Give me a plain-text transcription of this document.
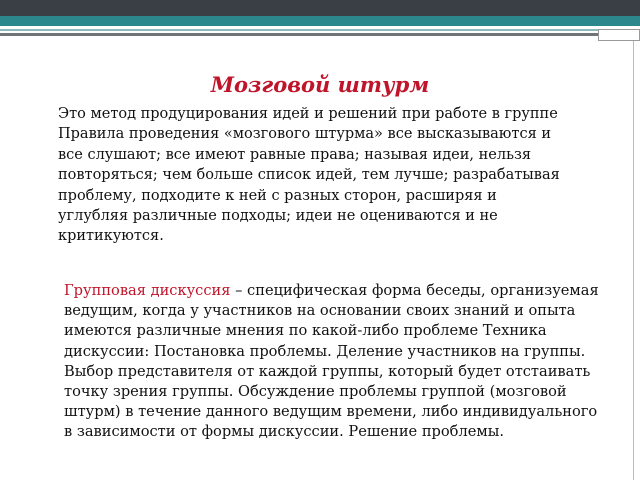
Мозговой штурм

Это метод продуцирования идей и решений при работе в группе Правила проведения «мозгового штурма» все высказываются и все слушают; все имеют равные права; называя идеи, нельзя повторяться; чем больше список идей, тем лучше; разрабатывая проблему, подходите к ней с разных сторон, расширяя и углубляя различные подходы; идеи не оцениваются и не критикуются.

Групповая дискуссия – специфическая форма беседы, организуемая ведущим, когда у участников на основании своих знаний и опыта имеются различные мнения по какой-либо проблеме Техника дискуссии: Постановка проблемы. Деление участников на группы. Выбор представителя от каждой группы, который будет отстаивать точку зрения группы. Обсуждение проблемы группой (мозговой штурм) в течение данного ведущим времени, либо индивидуального в зависимости от формы дискуссии. Решение проблемы.
